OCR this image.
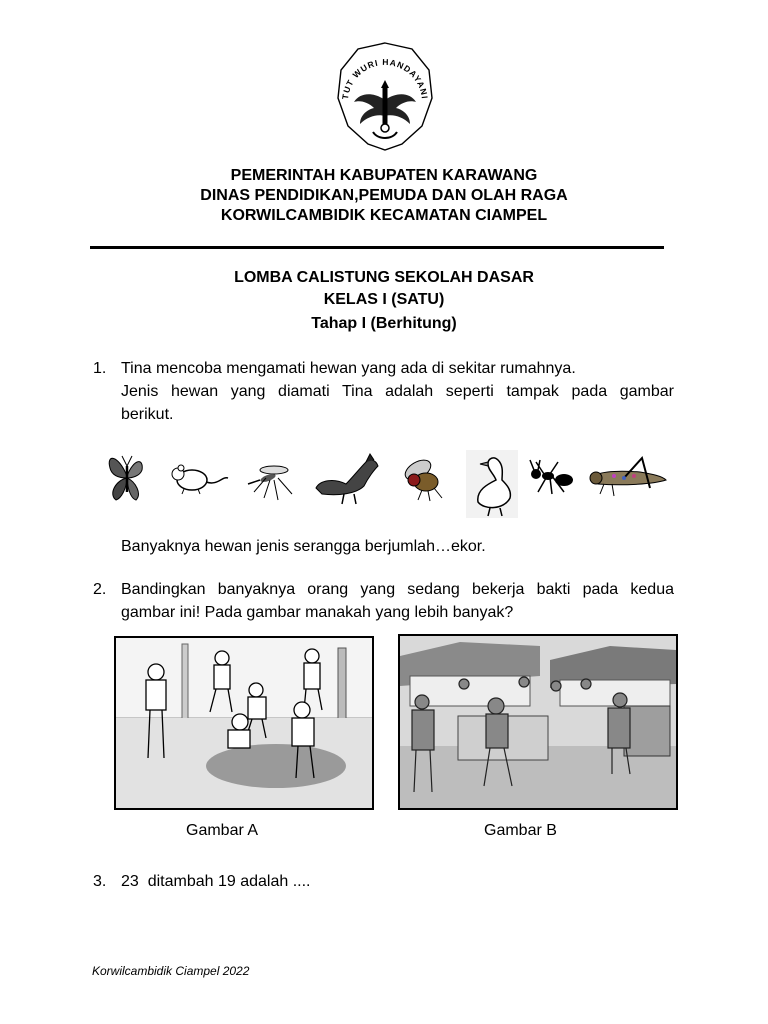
TUT WURI HANDAYANI
PEMERINTAH KABUPATEN KARAWANG
DINAS PENDIDIKAN,PEMUDA DAN OLAH RAGA
KORWILCAMBIDIK KECAMATAN CIAMPEL
LOMBA CALISTUNG SEKOLAH DASAR
KELAS I (SATU)
Tahap I (Berhitung)
1. Tina mencoba mengamati hewan yang ada di sekitar rumahnya.
Jenis hewan yang diamati Tina adalah seperti tampak pada gambar
berikut.
Banyaknya hewan jenis serangga berjumlah…ekor.
2. Bandingkan banyaknya orang yang sedang bekerja bakti pada kedua
gambar ini! Pada gambar manakah yang lebih banyak?
Gambar A	Gambar B
3. 23  ditambah 19 adalah ....
Korwilcambidik Ciampel 2022
